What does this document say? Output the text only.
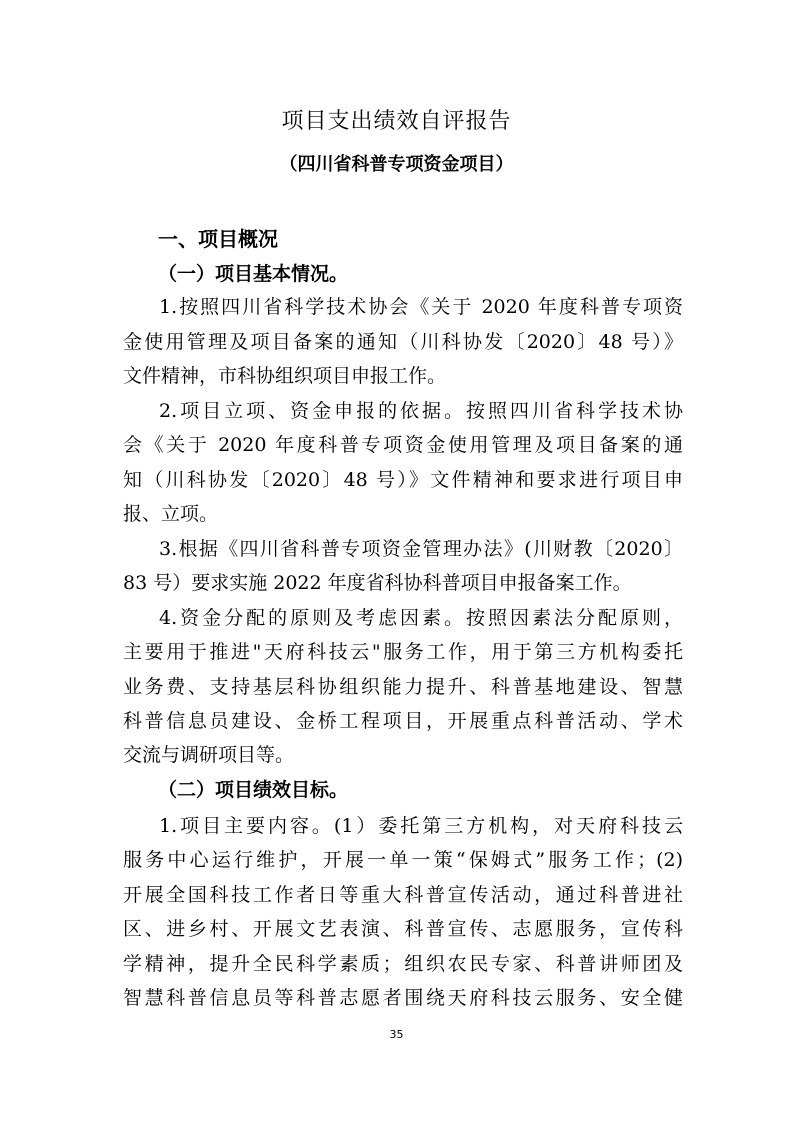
项目支出绩效自评报告
（四川省科普专项资金项目）
一、项目概况
（一）项目基本情况。
1.按照四川省科学技术协会《关于 2020 年度科普专项资
金使用管理及项目备案的通知（川科协发〔2020〕48 号）》
文件精神，市科协组织项目申报工作。
2.项目立项、资金申报的依据。按照四川省科学技术协
会《关于 2020 年度科普专项资金使用管理及项目备案的通
知（川科协发〔2020〕48 号）》文件精神和要求进行项目申
报、立项。
3.根据《四川省科普专项资金管理办法》(川财教〔2020〕
83 号）要求实施 2022 年度省科协科普项目申报备案工作。
4.资金分配的原则及考虑因素。按照因素法分配原则，
主要用于推进"天府科技云"服务工作，用于第三方机构委托
业务费、支持基层科协组织能力提升、科普基地建设、智慧
科普信息员建设、金桥工程项目，开展重点科普活动、学术
交流与调研项目等。
（二）项目绩效目标。
1.项目主要内容。(1）委托第三方机构，对天府科技云
服务中心运行维护，开展一单一策“保姆式”服务工作；(2)
开展全国科技工作者日等重大科普宣传活动，通过科普进社
区、进乡村、开展文艺表演、科普宣传、志愿服务，宣传科
学精神，提升全民科学素质；组织农民专家、科普讲师团及
智慧科普信息员等科普志愿者围绕天府科技云服务、安全健
35
